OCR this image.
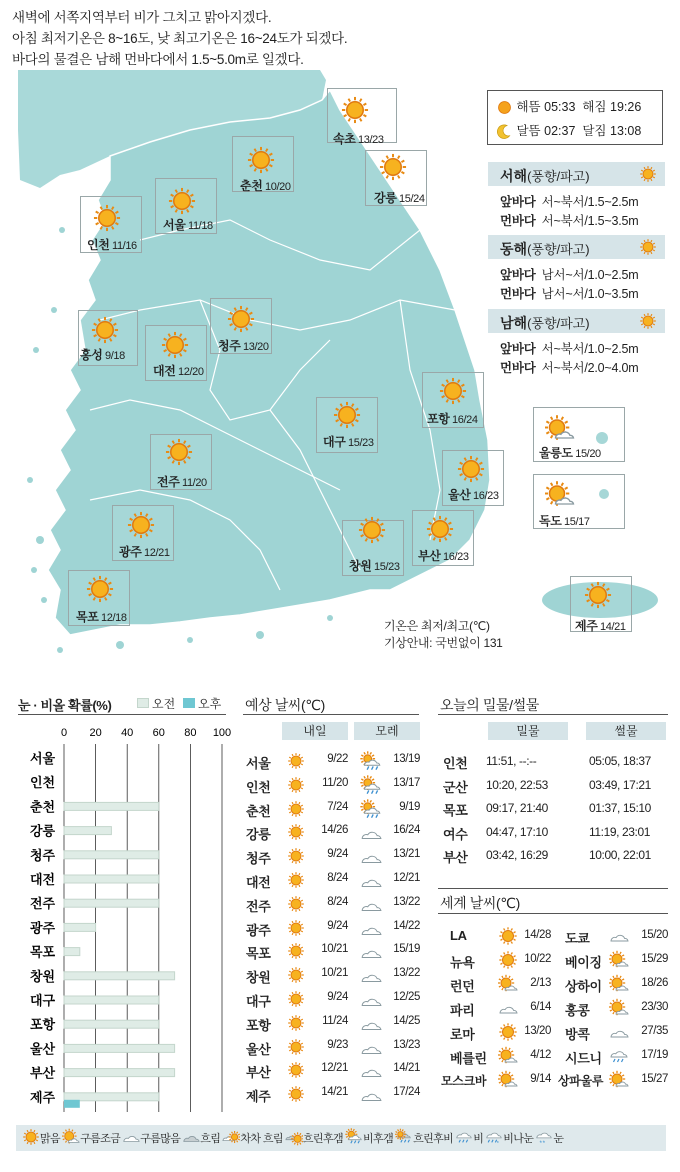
새벽에 서쪽지역부터 비가 그치고 맑아지겠다.
아침 최저기온은 8~16도, 낮 최고기온은 16~24도가 되겠다.
바다의 물결은 남해 먼바다에서 1.5~5.0m로 일겠다.
속초 13/23
춘천 10/20
강릉 15/24
서울 11/18
인천 11/16
홍성 9/18
대전 12/20
청주 13/20
포항 16/24
대구 15/23
울릉도 15/20
전주 11/20
울산 16/23
독도 15/17
광주 12/21
창원 15/23
부산 16/23
목포 12/18
제주 14/21
기온은 최저/최고(℃)
기상안내: 국번없이 131
해뜸 05:33 해짐 19:26
달뜸 02:37 달짐 13:08
서해(풍향/파고)
앞바다 서~북서/1.5~2.5m
먼바다 서~북서/1.5~3.5m
동해(풍향/파고)
앞바다 남서~서/1.0~2.5m
먼바다 남서~서/1.0~3.5m
남해(풍향/파고)
앞바다 서~북서/1.0~2.5m
먼바다 서~북서/2.0~4.0m
눈 · 비올 확률(%)	오전 오후
0 20 40 60 80 100
서울
인천
춘천
강릉
청주
대전
전주
광주
목포
창원
대구
포항
울산
부산
제주
예상 날씨(℃)
내일	모레
서울	9/22	13/19
인천	11/20	13/17
춘천	7/24	9/19
강릉	14/26	16/24
청주	9/24	13/21
대전	8/24	12/21
전주	8/24	13/22
광주	9/24	14/22
목포	10/21	15/19
창원	10/21	13/22
대구	9/24	12/25
포항	11/24	14/25
울산	9/23	13/23
부산	12/21	14/21
제주	14/21	17/24
오늘의 밀물/썰물
밀물	썰물
인천 11:51, --:--	05:05, 18:37
군산 10:20, 22:53	03:49, 17:21
목포 09:17, 21:40	01:37, 15:10
여수 04:47, 17:10	11:19, 23:01
부산 03:42, 16:29	10:00, 22:01
세계 날씨(℃)
LA	14/28 도쿄	15/20
뉴욕	10/22 베이징	15/29
런던	2/13 상하이	18/26
파리	6/14 홍콩	23/30
로마	13/20 방콕	27/35
베를린	4/12 시드니	17/19
모스크바	9/14 상파울루	15/27
맑음 구름조금 구름많음 흐림 차차 흐림 흐린후갬 비후갬 흐린후비 비 * 비나눈 * * 눈
